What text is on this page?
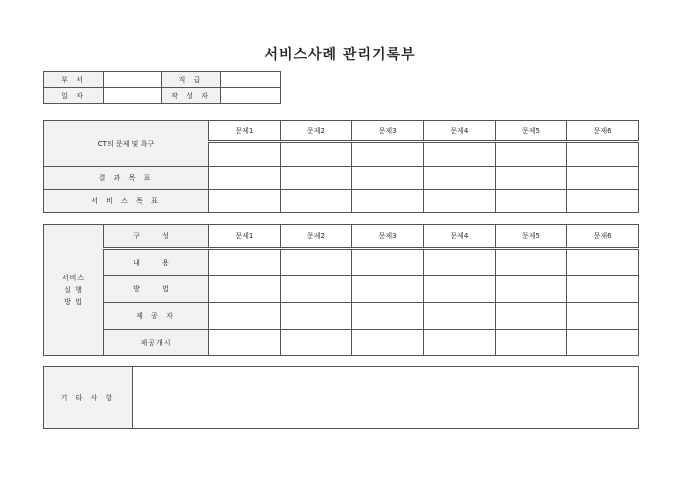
서비스사례 관리기록부
부 서		직 급	
일 자		작 성 자	
CT의 문제 및 욕구	문제1	문제2	문제3	문제4	문제5	문제6

결 과 목 표						
서 비 스 목 표						
서비스
실 행
방 법	구 성	문제1	문제2	문제3	문제4	문제5	문제6
	내 용						
	방 법						
	제 공 자						
	제공개시						
기 타 사 항	
